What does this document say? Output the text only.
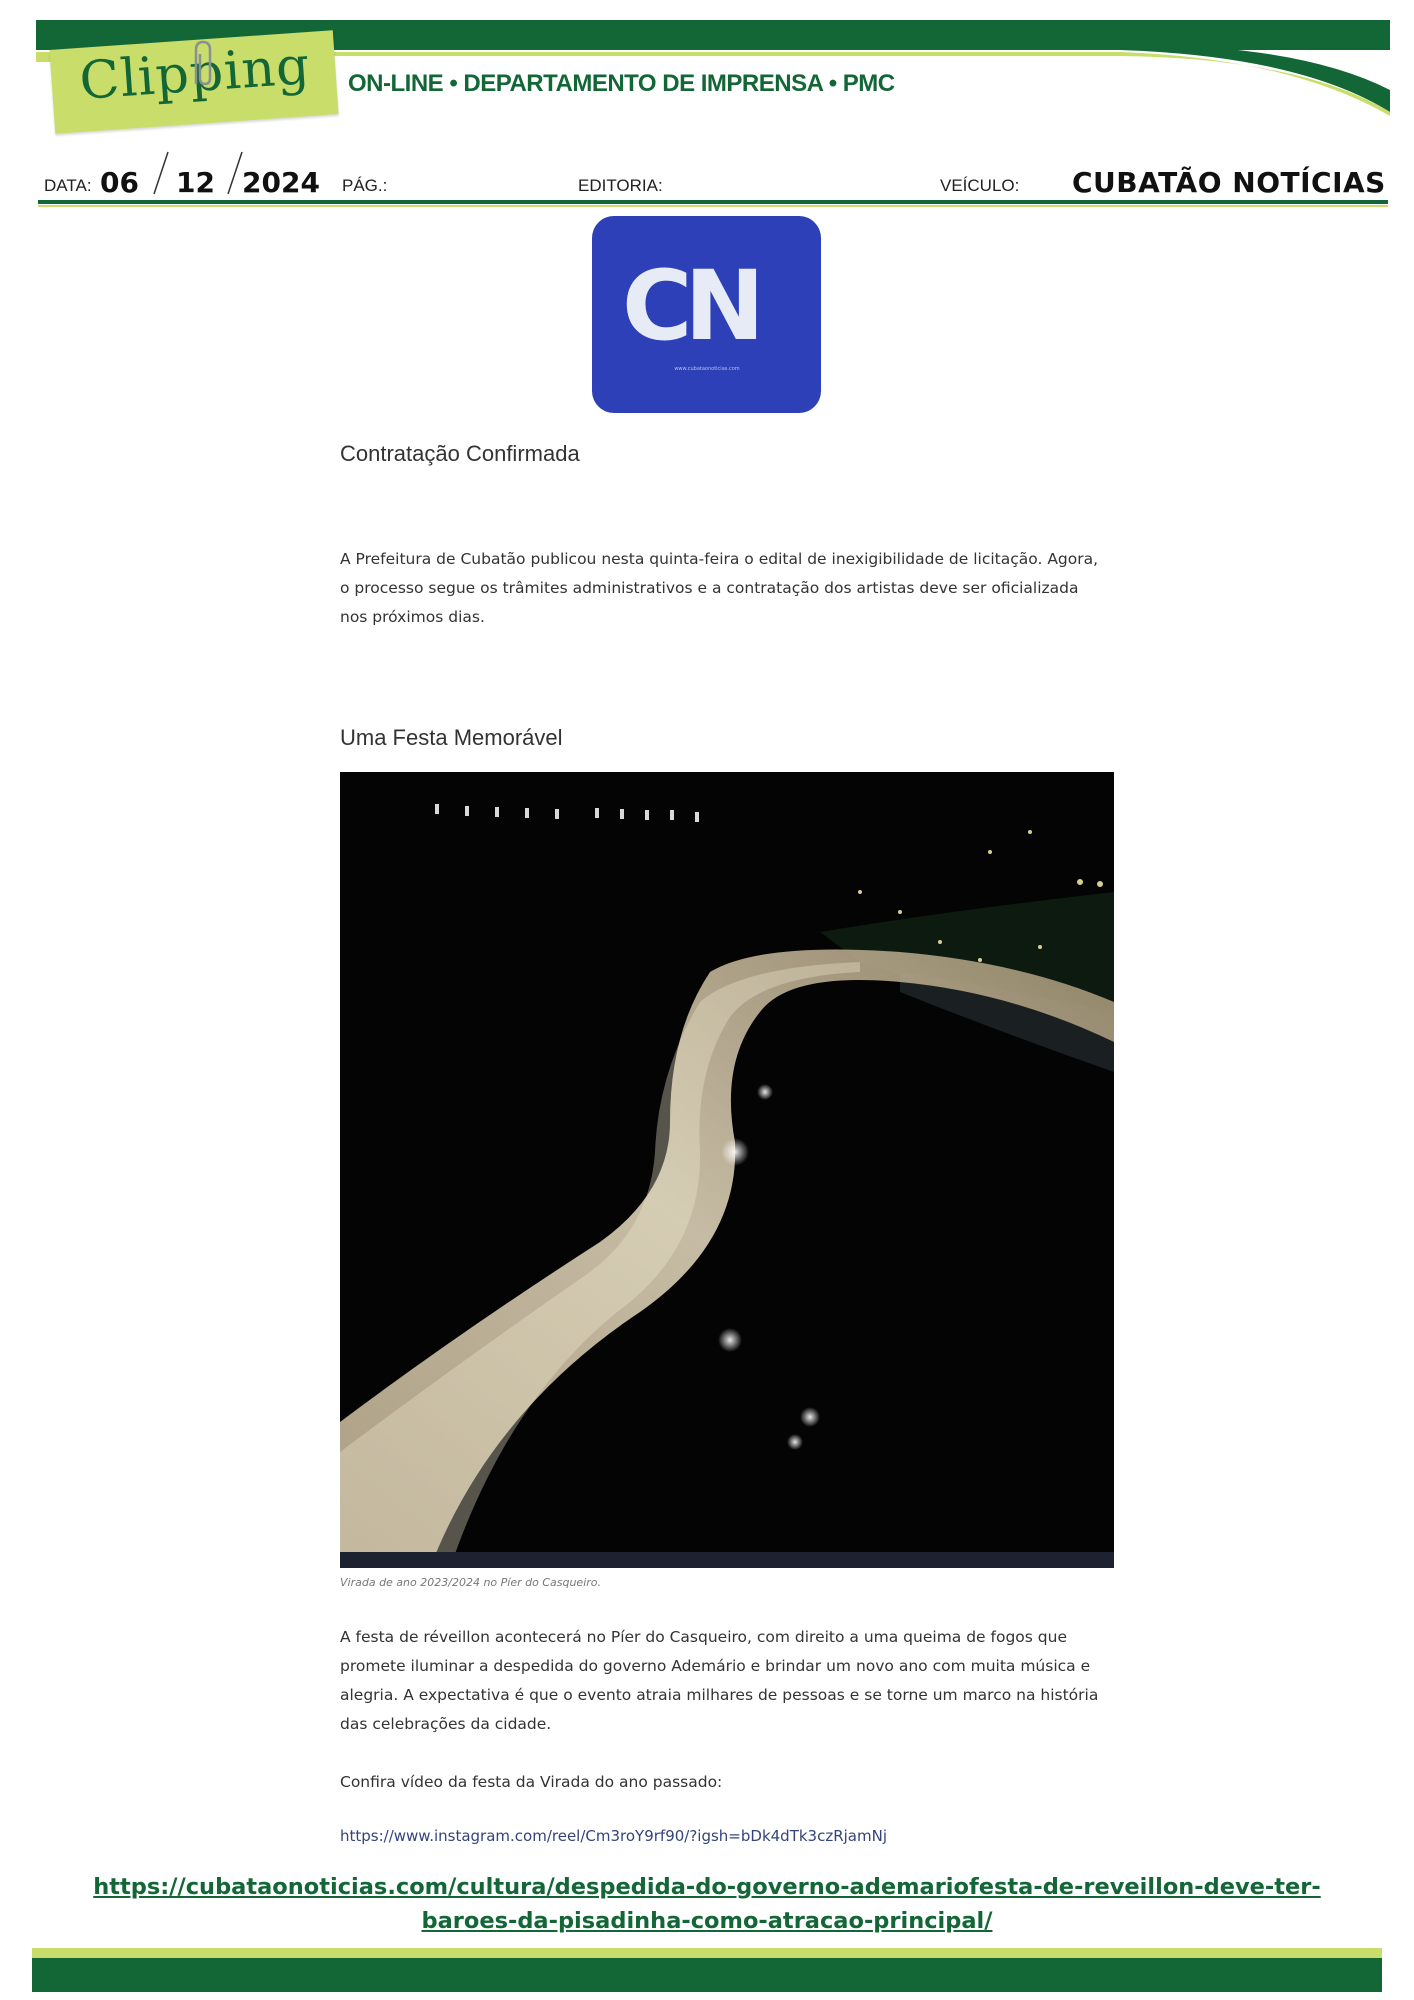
Clipping ON-LINE • DEPARTAMENTO DE IMPRENSA • PMC
DATA: 06 12 2024 PÁG.:	EDITORIA:	VEÍCULO: CUBATÃO NOTÍCIAS
CN
www.cubataonoticias.com
Contratação Confirmada

A Prefeitura de Cubatão publicou nesta quinta-feira o edital de inexigibilidade de licitação. Agora, o processo segue os trâmites administrativos e a contratação dos artistas deve ser oficializada nos próximos dias.

Uma Festa Memorável
Virada de ano 2023/2024 no Píer do Casqueiro.

A festa de réveillon acontecerá no Píer do Casqueiro, com direito a uma queima de fogos que promete iluminar a despedida do governo Ademário e brindar um novo ano com muita música e alegria. A expectativa é que o evento atraia milhares de pessoas e se torne um marco na história das celebrações da cidade.

Confira vídeo da festa da Virada do ano passado:

https://www.instagram.com/reel/Cm3roY9rf90/?igsh=bDk4dTk3czRjamNj
https://cubataonoticias.com/cultura/despedida-do-governo-ademariofesta-de-reveillon-deve-ter-
baroes-da-pisadinha-como-atracao-principal/
